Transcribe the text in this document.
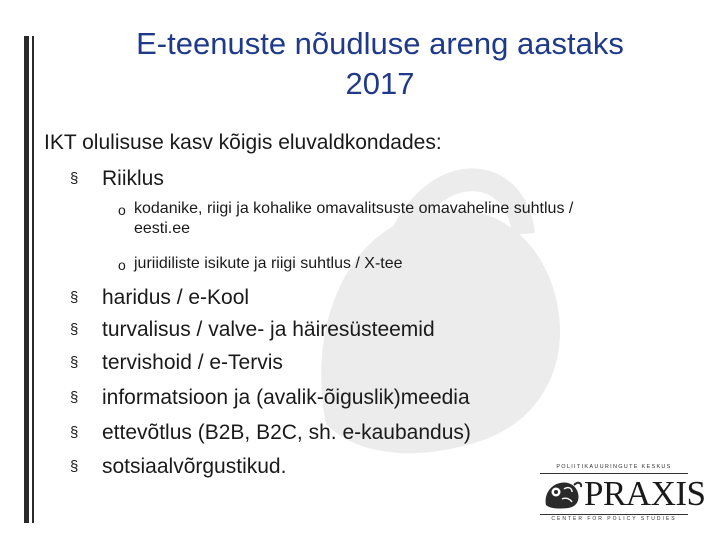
E-teenuste nõudluse areng aastaks
2017
IKT olulisuse kasv kõigis eluvaldkondades:
§	Riiklus
o kodanike, riigi ja kohalike omavalitsuste omavaheline suhtlus / eesti.ee
o juriidiliste isikute ja riigi suhtlus / X-tee
§	haridus / e-Kool
§	turvalisus / valve- ja häiresüsteemid
§	tervishoid / e-Tervis
§	informatsioon ja (avalik-õiguslik)meedia
§	ettevõtlus (B2B, B2C, sh. e-kaubandus)
§	sotsiaalvõrgustikud.	POLIITIKAUURINGUTE KESKUS
PRAXIS
CENTER FOR POLICY STUDIES
